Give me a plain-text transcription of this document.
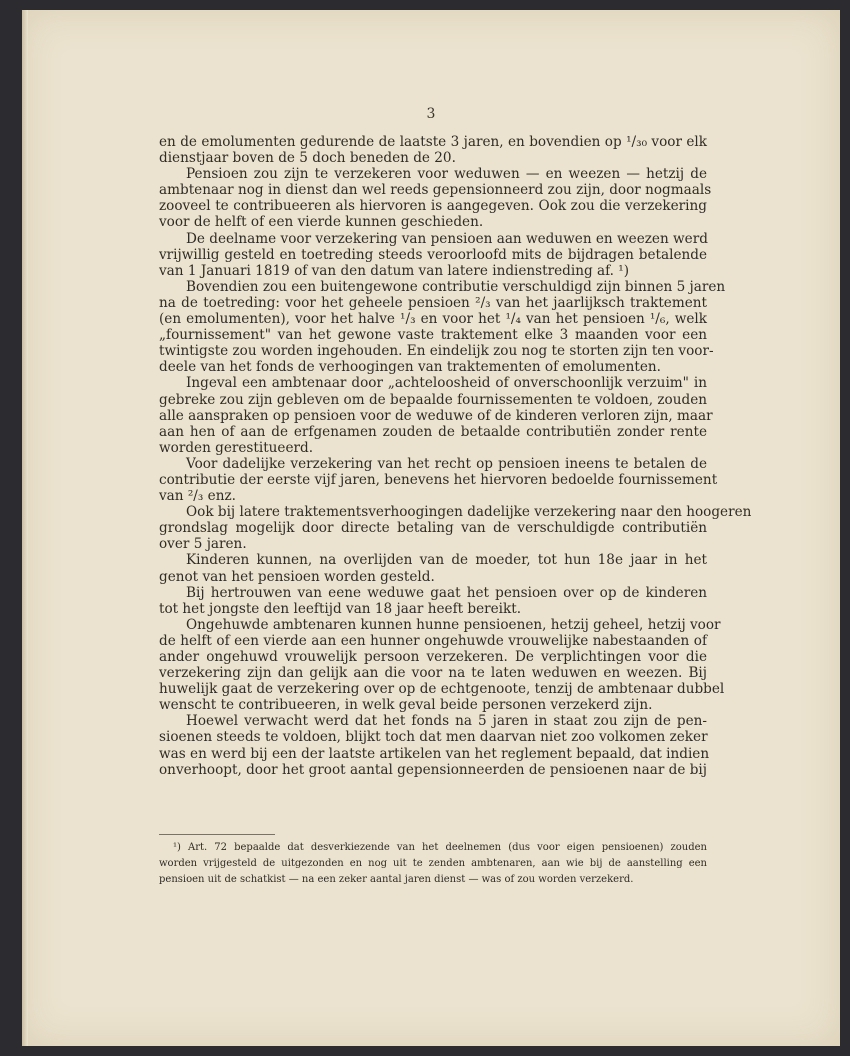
3
en de emolumenten gedurende de laatste 3 jaren, en bovendien op ¹/₃₀ voor elk
dienstjaar boven de 5 doch beneden de 20.
Pensioen zou zijn te verzekeren voor weduwen — en weezen — hetzij de
ambtenaar nog in dienst dan wel reeds gepensionneerd zou zijn, door nogmaals
zooveel te contribueeren als hiervoren is aangegeven. Ook zou die verzekering
voor de helft of een vierde kunnen geschieden.
De deelname voor verzekering van pensioen aan weduwen en weezen werd
vrijwillig gesteld en toetreding steeds veroorloofd mits de bijdragen betalende
van 1 Januari 1819 of van den datum van latere indienstreding af. ¹)
Bovendien zou een buitengewone contributie verschuldigd zijn binnen 5 jaren
na de toetreding: voor het geheele pensioen ²/₃ van het jaarlijksch traktement
(en emolumenten), voor het halve ¹/₃ en voor het ¹/₄ van het pensioen ¹/₆, welk
„fournissement" van het gewone vaste traktement elke 3 maanden voor een
twintigste zou worden ingehouden. En eindelijk zou nog te storten zijn ten voor-
deele van het fonds de verhoogingen van traktementen of emolumenten.
Ingeval een ambtenaar door „achteloosheid of onverschoonlijk verzuim" in
gebreke zou zijn gebleven om de bepaalde fournissementen te voldoen, zouden
alle aanspraken op pensioen voor de weduwe of de kinderen verloren zijn, maar
aan hen of aan de erfgenamen zouden de betaalde contributiën zonder rente
worden gerestitueerd.
Voor dadelijke verzekering van het recht op pensioen ineens te betalen de
contributie der eerste vijf jaren, benevens het hiervoren bedoelde fournissement
van ²/₃ enz.
Ook bij latere traktementsverhoogingen dadelijke verzekering naar den hoogeren
grondslag mogelijk door directe betaling van de verschuldigde contributiën
over 5 jaren.
Kinderen kunnen, na overlijden van de moeder, tot hun 18e jaar in het
genot van het pensioen worden gesteld.
Bij hertrouwen van eene weduwe gaat het pensioen over op de kinderen
tot het jongste den leeftijd van 18 jaar heeft bereikt.
Ongehuwde ambtenaren kunnen hunne pensioenen, hetzij geheel, hetzij voor
de helft of een vierde aan een hunner ongehuwde vrouwelijke nabestaanden of
ander ongehuwd vrouwelijk persoon verzekeren. De verplichtingen voor die
verzekering zijn dan gelijk aan die voor na te laten weduwen en weezen. Bij
huwelijk gaat de verzekering over op de echtgenoote, tenzij de ambtenaar dubbel
wenscht te contribueeren, in welk geval beide personen verzekerd zijn.
Hoewel verwacht werd dat het fonds na 5 jaren in staat zou zijn de pen-
sioenen steeds te voldoen, blijkt toch dat men daarvan niet zoo volkomen zeker
was en werd bij een der laatste artikelen van het reglement bepaald, dat indien
onverhoopt, door het groot aantal gepensionneerden de pensioenen naar de bij
¹) Art. 72 bepaalde dat desverkiezende van het deelnemen (dus voor eigen pensioenen) zouden
worden vrijgesteld de uitgezonden en nog uit te zenden ambtenaren, aan wie bij de aanstelling een
pensioen uit de schatkist — na een zeker aantal jaren dienst — was of zou worden verzekerd.
